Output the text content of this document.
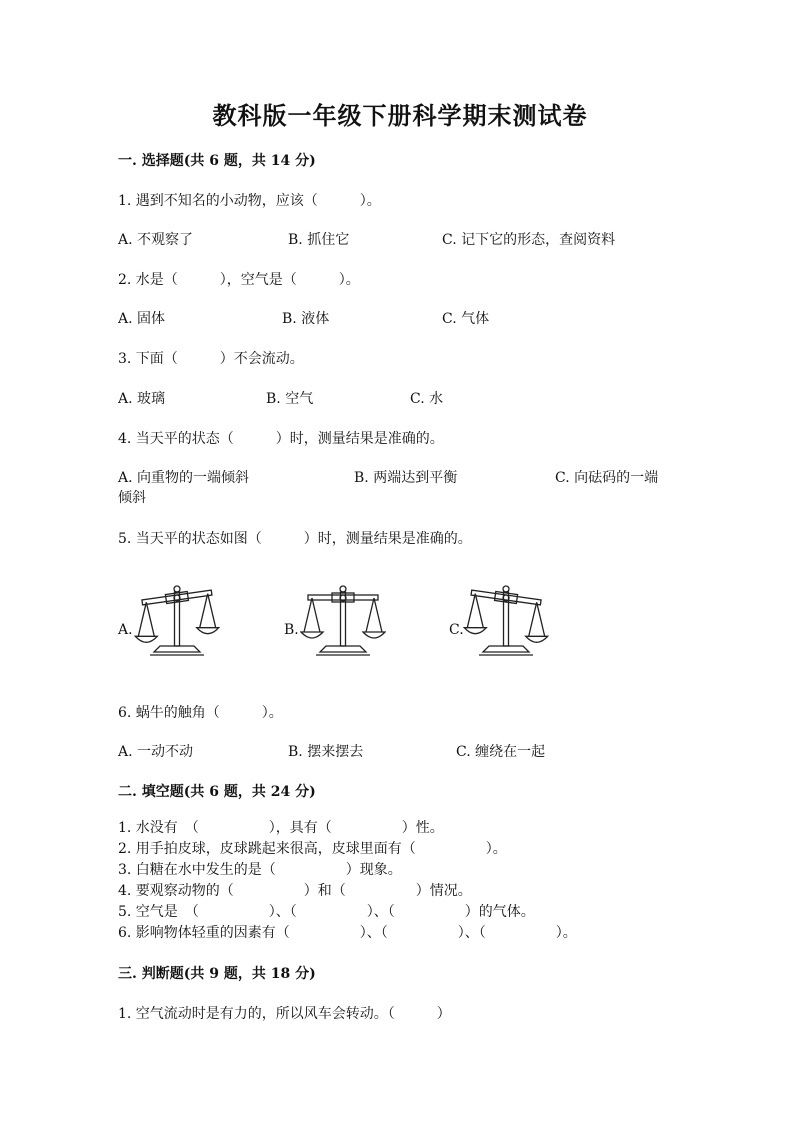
教科版一年级下册科学期末测试卷
一. 选择题(共 6 题，共 14 分)
1. 遇到不知名的小动物，应该（　　　）。
A. 不观察了	B. 抓住它	C. 记下它的形态，查阅资料
2. 水是（　　　），空气是（　　　）。
A. 固体	B. 液体	C. 气体
3. 下面（　　　）不会流动。
A. 玻璃	B. 空气	C. 水
4. 当天平的状态（　　　）时，测量结果是准确的。
A. 向重物的一端倾斜	B. 两端达到平衡	C. 向砝码的一端
倾斜
5. 当天平的状态如图（　　　）时，测量结果是准确的。
A.	B.	C.
6. 蜗牛的触角（　　　）。
A. 一动不动	B. 摆来摆去	C. 缠绕在一起
二. 填空题(共 6 题，共 24 分)
1. 水没有　（　　　　　），具有（　　　　　）性。
2. 用手拍皮球，皮球跳起来很高，皮球里面有（　　　　　）。
3. 白糖在水中发生的是（　　　　　）现象。
4. 要观察动物的（　　　　　）和（　　　　　）情况。
5. 空气是　（　　　　　）、（　　　　　）、（　　　　　）的气体。
6. 影响物体轻重的因素有（　　　　　）、（　　　　　）、（　　　　　）。
三. 判断题(共 9 题，共 18 分)
1. 空气流动时是有力的，所以风车会转动。（　　　）
